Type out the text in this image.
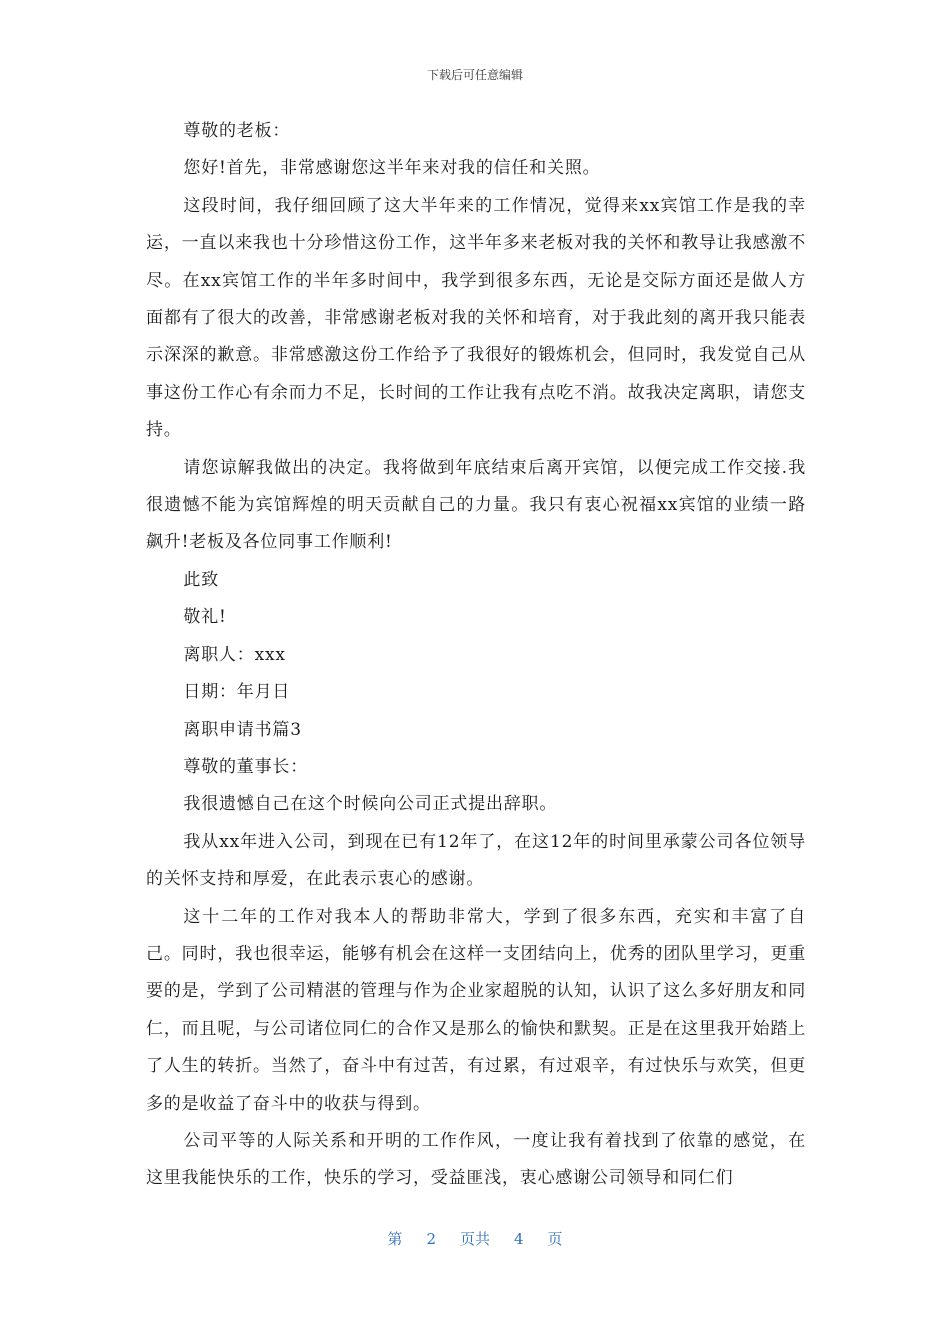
下载后可任意编辑

尊敬的老板：

您好!首先，非常感谢您这半年来对我的信任和关照。

这段时间，我仔细回顾了这大半年来的工作情况，觉得来xx宾馆工作是我的幸运，一直以来我也十分珍惜这份工作，这半年多来老板对我的关怀和教导让我感激不尽。在xx宾馆工作的半年多时间中，我学到很多东西，无论是交际方面还是做人方面都有了很大的改善，非常感谢老板对我的关怀和培育，对于我此刻的离开我只能表示深深的歉意。非常感激这份工作给予了我很好的锻炼机会，但同时，我发觉自己从事这份工作心有余而力不足，长时间的工作让我有点吃不消。故我决定离职，请您支持。

请您谅解我做出的决定。我将做到年底结束后离开宾馆，以便完成工作交接.我很遗憾不能为宾馆辉煌的明天贡献自己的力量。我只有衷心祝福xx宾馆的业绩一路飙升!老板及各位同事工作顺利!

此致

敬礼!

离职人：xxx

日期：年月日

离职申请书篇3

尊敬的董事长：

我很遗憾自己在这个时候向公司正式提出辞职。

我从xx年进入公司，到现在已有12年了，在这12年的时间里承蒙公司各位领导的关怀支持和厚爱，在此表示衷心的感谢。

这十二年的工作对我本人的帮助非常大，学到了很多东西，充实和丰富了自己。同时，我也很幸运，能够有机会在这样一支团结向上，优秀的团队里学习，更重要的是，学到了公司精湛的管理与作为企业家超脱的认知，认识了这么多好朋友和同仁，而且呢，与公司诸位同仁的合作又是那么的愉快和默契。正是在这里我开始踏上了人生的转折。当然了，奋斗中有过苦，有过累，有过艰辛，有过快乐与欢笑，但更多的是收益了奋斗中的收获与得到。

公司平等的人际关系和开明的工作作风，一度让我有着找到了依靠的感觉，在这里我能快乐的工作，快乐的学习，受益匪浅，衷心感谢公司领导和同仁们

第 2 页共 4 页
